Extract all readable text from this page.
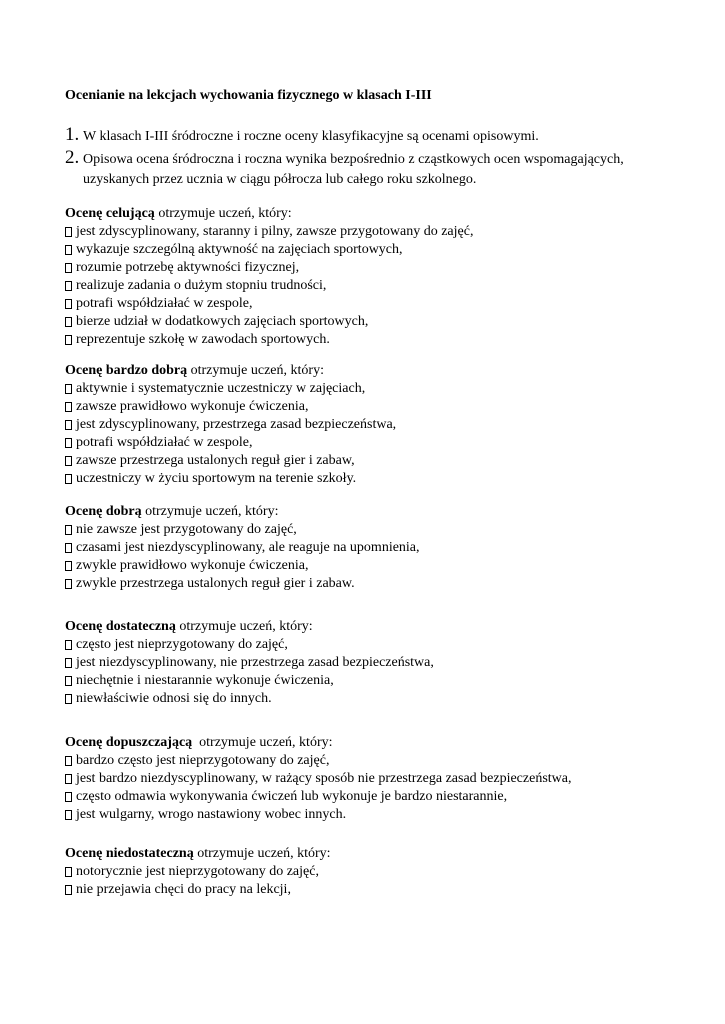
Ocenianie na lekcjach wychowania fizycznego w klasach I-III
1. W klasach I-III śródroczne i roczne oceny klasyfikacyjne są ocenami opisowymi.
2. Opisowa ocena śródroczna i roczna wynika bezpośrednio z cząstkowych ocen wspomagających,
uzyskanych przez ucznia w ciągu półrocza lub całego roku szkolnego.
Ocenę celującą otrzymuje uczeń, który:
jest zdyscyplinowany, staranny i pilny, zawsze przygotowany do zajęć,
wykazuje szczególną aktywność na zajęciach sportowych,
rozumie potrzebę aktywności fizycznej,
realizuje zadania o dużym stopniu trudności,
potrafi współdziałać w zespole,
bierze udział w dodatkowych zajęciach sportowych,
reprezentuje szkołę w zawodach sportowych.
Ocenę bardzo dobrą otrzymuje uczeń, który:
aktywnie i systematycznie uczestniczy w zajęciach,
zawsze prawidłowo wykonuje ćwiczenia,
jest zdyscyplinowany, przestrzega zasad bezpieczeństwa,
potrafi współdziałać w zespole,
zawsze przestrzega ustalonych reguł gier i zabaw,
uczestniczy w życiu sportowym na terenie szkoły.
Ocenę dobrą otrzymuje uczeń, który:
nie zawsze jest przygotowany do zajęć,
czasami jest niezdyscyplinowany, ale reaguje na upomnienia,
zwykle prawidłowo wykonuje ćwiczenia,
zwykle przestrzega ustalonych reguł gier i zabaw.
Ocenę dostateczną otrzymuje uczeń, który:
często jest nieprzygotowany do zajęć,
jest niezdyscyplinowany, nie przestrzega zasad bezpieczeństwa,
niechętnie i niestarannie wykonuje ćwiczenia,
niewłaściwie odnosi się do innych.
Ocenę dopuszczającą  otrzymuje uczeń, który:
bardzo często jest nieprzygotowany do zajęć,
jest bardzo niezdyscyplinowany, w rażący sposób nie przestrzega zasad bezpieczeństwa,
często odmawia wykonywania ćwiczeń lub wykonuje je bardzo niestarannie,
jest wulgarny, wrogo nastawiony wobec innych.
Ocenę niedostateczną otrzymuje uczeń, który:
notorycznie jest nieprzygotowany do zajęć,
nie przejawia chęci do pracy na lekcji,
